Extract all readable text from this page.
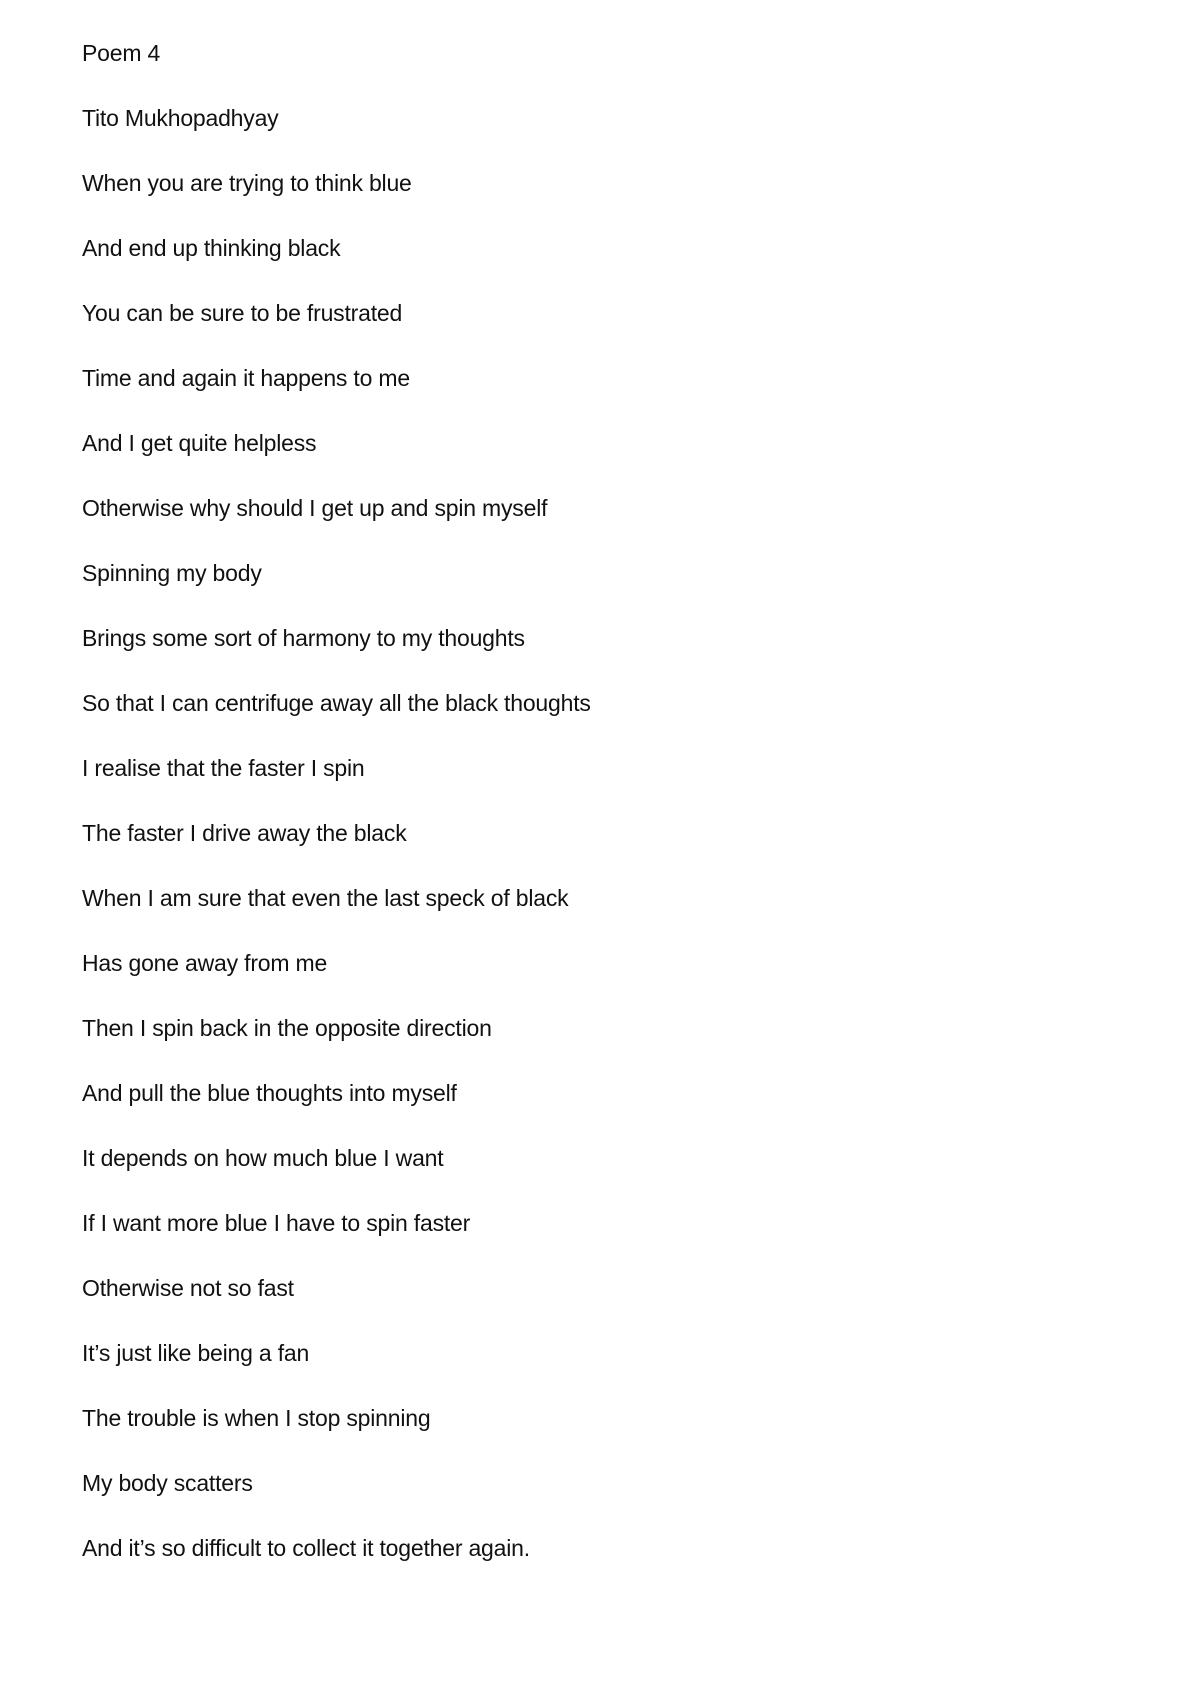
Poem 4
Tito Mukhopadhyay
When you are trying to think blue
And end up thinking black
You can be sure to be frustrated
Time and again it happens to me
And I get quite helpless
Otherwise why should I get up and spin myself
Spinning my body
Brings some sort of harmony to my thoughts
So that I can centrifuge away all the black thoughts
I realise that the faster I spin
The faster I drive away the black
When I am sure that even the last speck of black
Has gone away from me
Then I spin back in the opposite direction
And pull the blue thoughts into myself
It depends on how much blue I want
If I want more blue I have to spin faster
Otherwise not so fast
It’s just like being a fan
The trouble is when I stop spinning
My body scatters
And it’s so difficult to collect it together again.
